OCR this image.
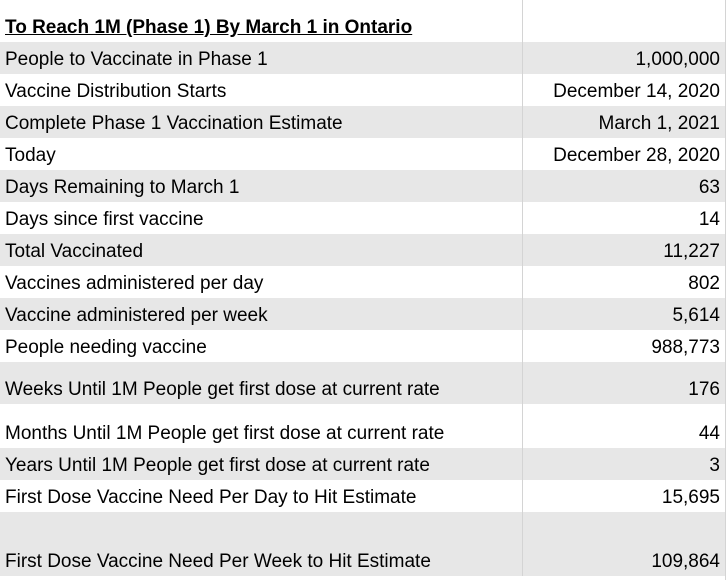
To Reach 1M (Phase 1) By March 1 in Ontario
People to Vaccinate in Phase 1	1,000,000
Vaccine Distribution Starts	December 14, 2020
Complete Phase 1 Vaccination Estimate	March 1, 2021
Today	December 28, 2020
Days Remaining to March 1	63
Days since first vaccine	14
Total Vaccinated	11,227
Vaccines administered per day	802
Vaccine administered per week	5,614
People needing vaccine	988,773
Weeks Until 1M People get first dose at current rate	176
Months Until 1M People get first dose at current rate	44
Years Until 1M People get first dose at current rate	3
First Dose Vaccine Need Per Day to Hit Estimate	15,695
First Dose Vaccine Need Per Week to Hit Estimate	109,864
